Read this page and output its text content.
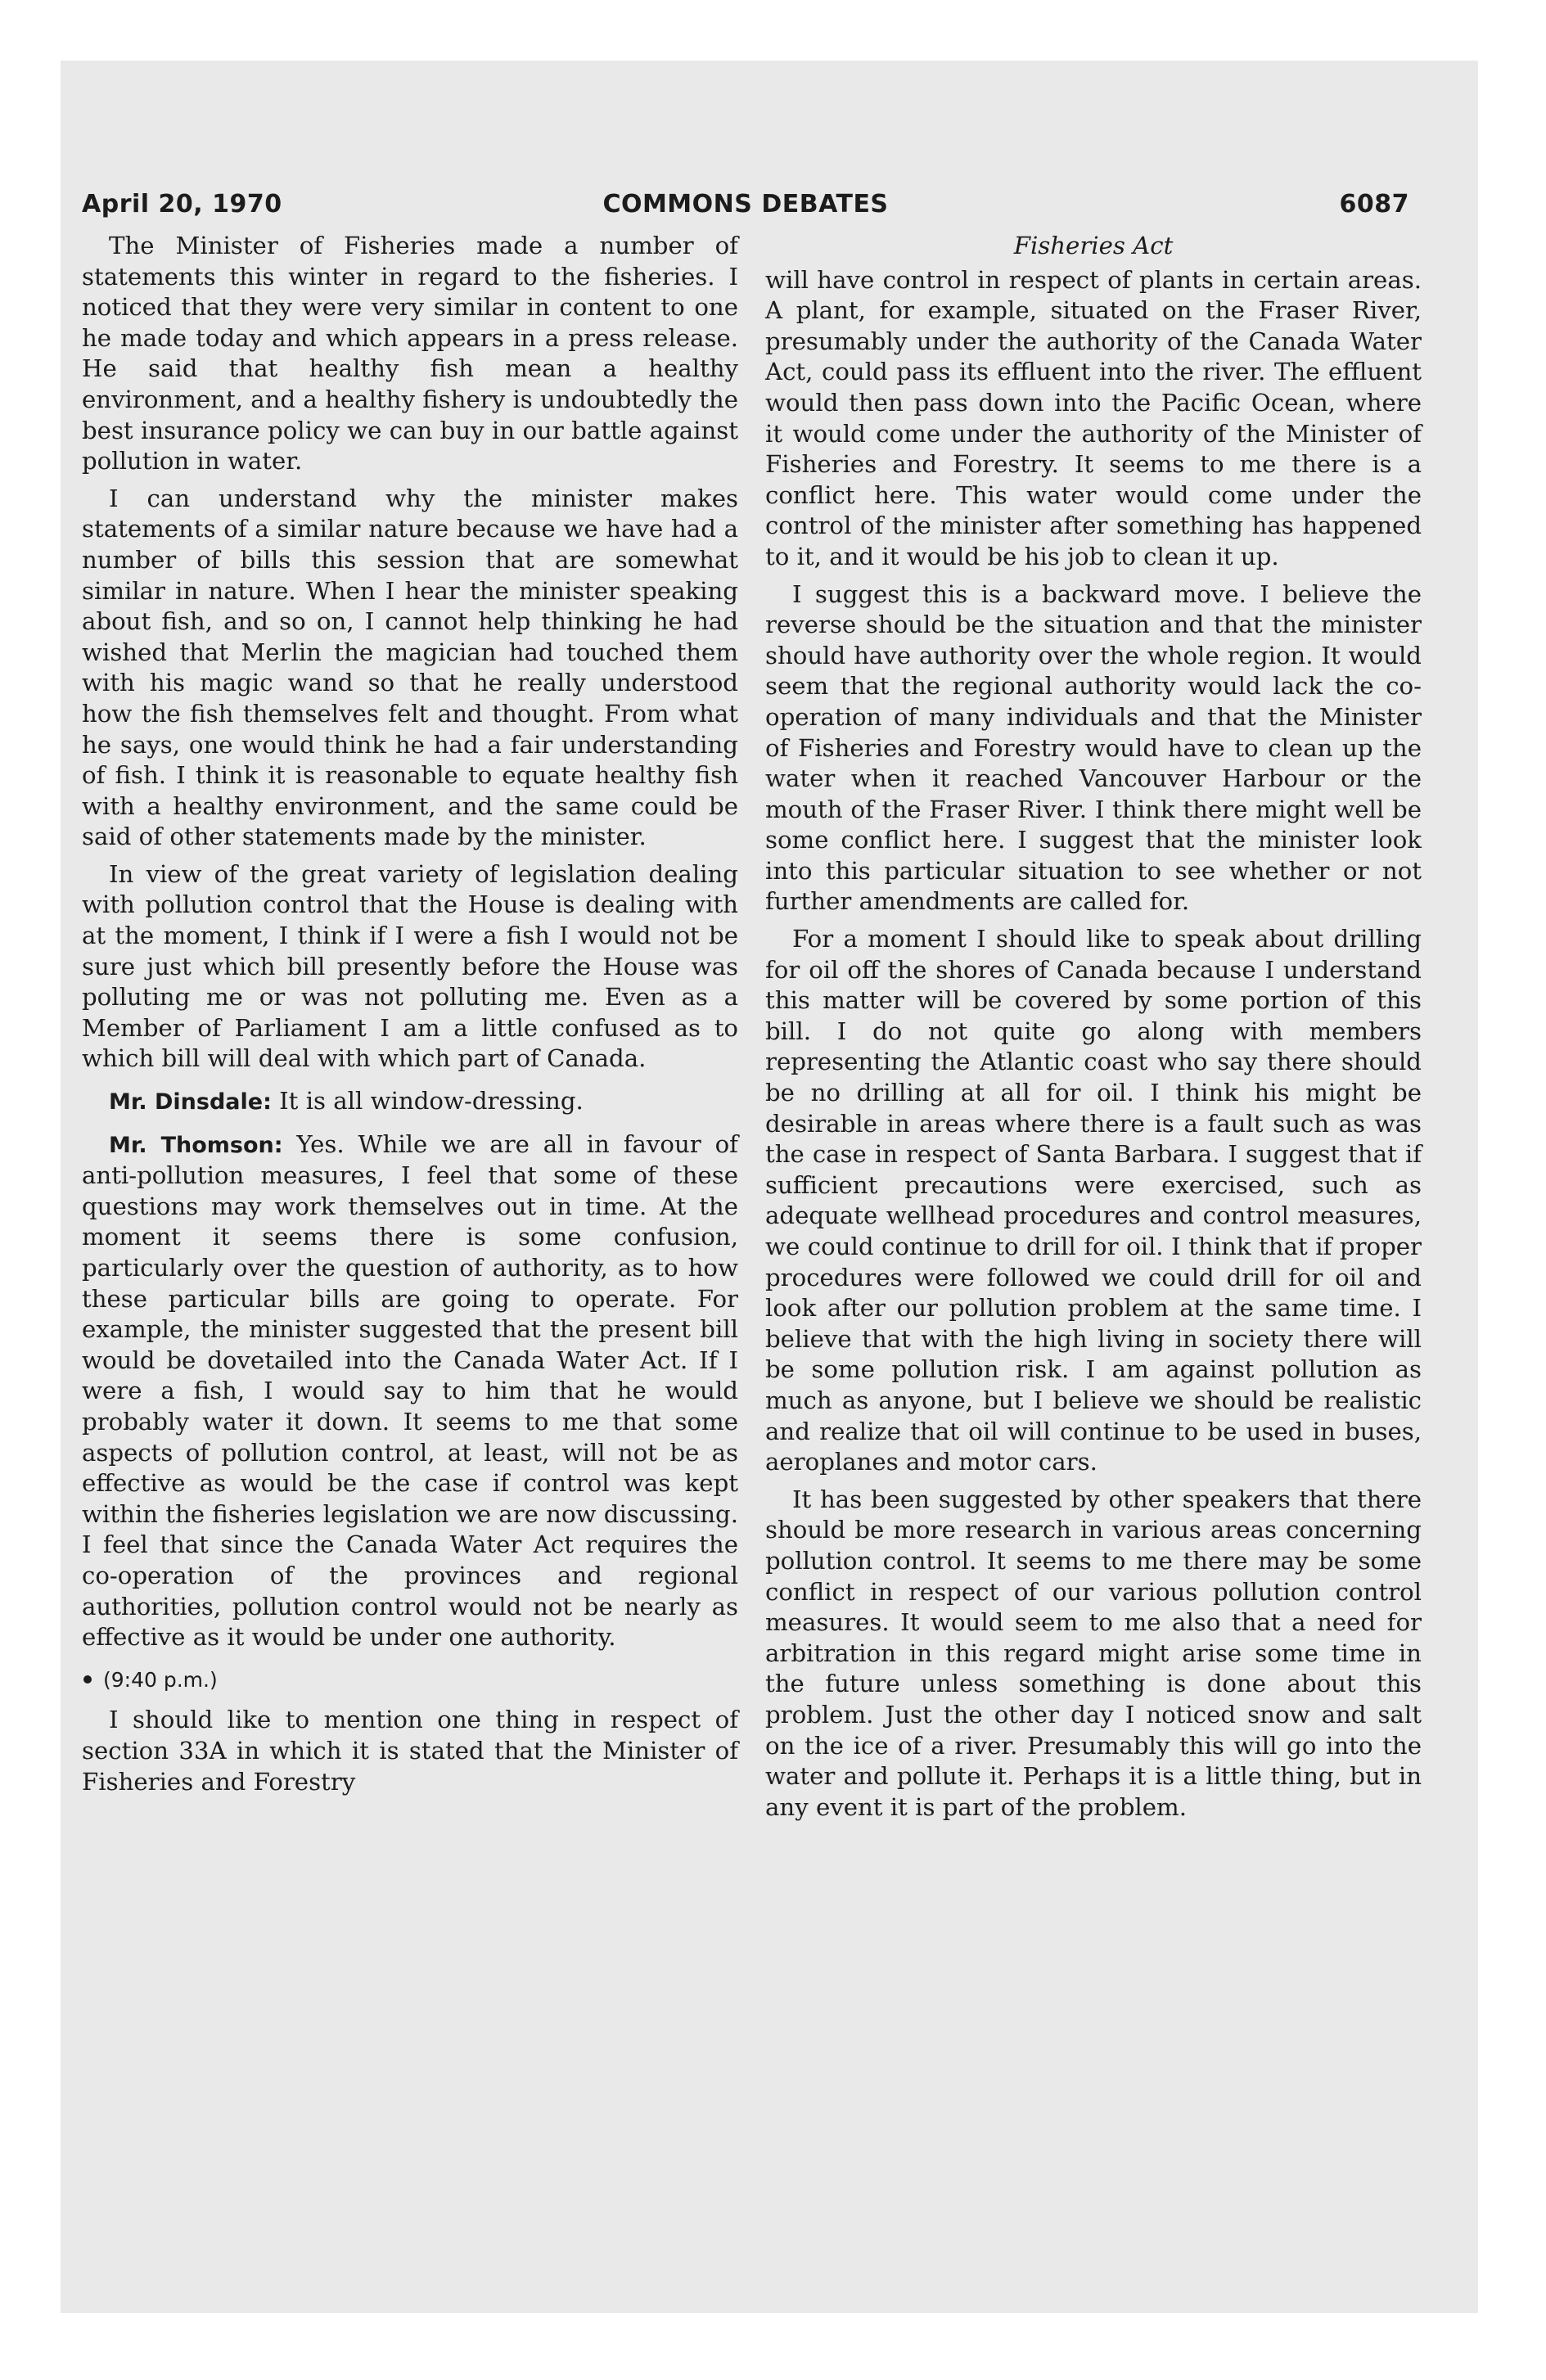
April 20, 1970	COMMONS DEBATES	6087

The Minister of Fisheries made a number of statements this winter in regard to the fisheries. I noticed that they were very similar in content to one he made today and which appears in a press release. He said that healthy fish mean a healthy environment, and a healthy fishery is undoubtedly the best insurance policy we can buy in our battle against pollution in water.

I can understand why the minister makes statements of a similar nature because we have had a number of bills this session that are somewhat similar in nature. When I hear the minister speaking about fish, and so on, I cannot help thinking he had wished that Merlin the magician had touched them with his magic wand so that he really understood how the fish themselves felt and thought. From what he says, one would think he had a fair understanding of fish. I think it is reasonable to equate healthy fish with a healthy environment, and the same could be said of other statements made by the minister.

In view of the great variety of legislation dealing with pollution control that the House is dealing with at the moment, I think if I were a fish I would not be sure just which bill presently before the House was polluting me or was not polluting me. Even as a Member of Parliament I am a little confused as to which bill will deal with which part of Canada.

Mr. Dinsdale: It is all window-dressing.

Mr. Thomson: Yes. While we are all in favour of anti-pollution measures, I feel that some of these questions may work themselves out in time. At the moment it seems there is some confusion, particularly over the question of authority, as to how these particular bills are going to operate. For example, the minister suggested that the present bill would be dovetailed into the Canada Water Act. If I were a fish, I would say to him that he would probably water it down. It seems to me that some aspects of pollution control, at least, will not be as effective as would be the case if control was kept within the fisheries legislation we are now discussing. I feel that since the Canada Water Act requires the co-operation of the provinces and regional authorities, pollution control would not be nearly as effective as it would be under one authority.

(9:40 p.m.)

I should like to mention one thing in respect of section 33A in which it is stated that the Minister of Fisheries and Forestry

Fisheries Act

will have control in respect of plants in certain areas. A plant, for example, situated on the Fraser River, presumably under the authority of the Canada Water Act, could pass its effluent into the river. The effluent would then pass down into the Pacific Ocean, where it would come under the authority of the Minister of Fisheries and Forestry. It seems to me there is a conflict here. This water would come under the control of the minister after something has happened to it, and it would be his job to clean it up.

I suggest this is a backward move. I believe the reverse should be the situation and that the minister should have authority over the whole region. It would seem that the regional authority would lack the co-operation of many individuals and that the Minister of Fisheries and Forestry would have to clean up the water when it reached Vancouver Harbour or the mouth of the Fraser River. I think there might well be some conflict here. I suggest that the minister look into this particular situation to see whether or not further amendments are called for.

For a moment I should like to speak about drilling for oil off the shores of Canada because I understand this matter will be covered by some portion of this bill. I do not quite go along with members representing the Atlantic coast who say there should be no drilling at all for oil. I think his might be desirable in areas where there is a fault such as was the case in respect of Santa Barbara. I suggest that if sufficient precautions were exercised, such as adequate wellhead procedures and control measures, we could continue to drill for oil. I think that if proper procedures were followed we could drill for oil and look after our pollution problem at the same time. I believe that with the high living in society there will be some pollution risk. I am against pollution as much as anyone, but I believe we should be realistic and realize that oil will continue to be used in buses, aeroplanes and motor cars.

It has been suggested by other speakers that there should be more research in various areas concerning pollution control. It seems to me there may be some conflict in respect of our various pollution control measures. It would seem to me also that a need for arbitration in this regard might arise some time in the future unless something is done about this problem. Just the other day I noticed snow and salt on the ice of a river. Presumably this will go into the water and pollute it. Perhaps it is a little thing, but in any event it is part of the problem.
